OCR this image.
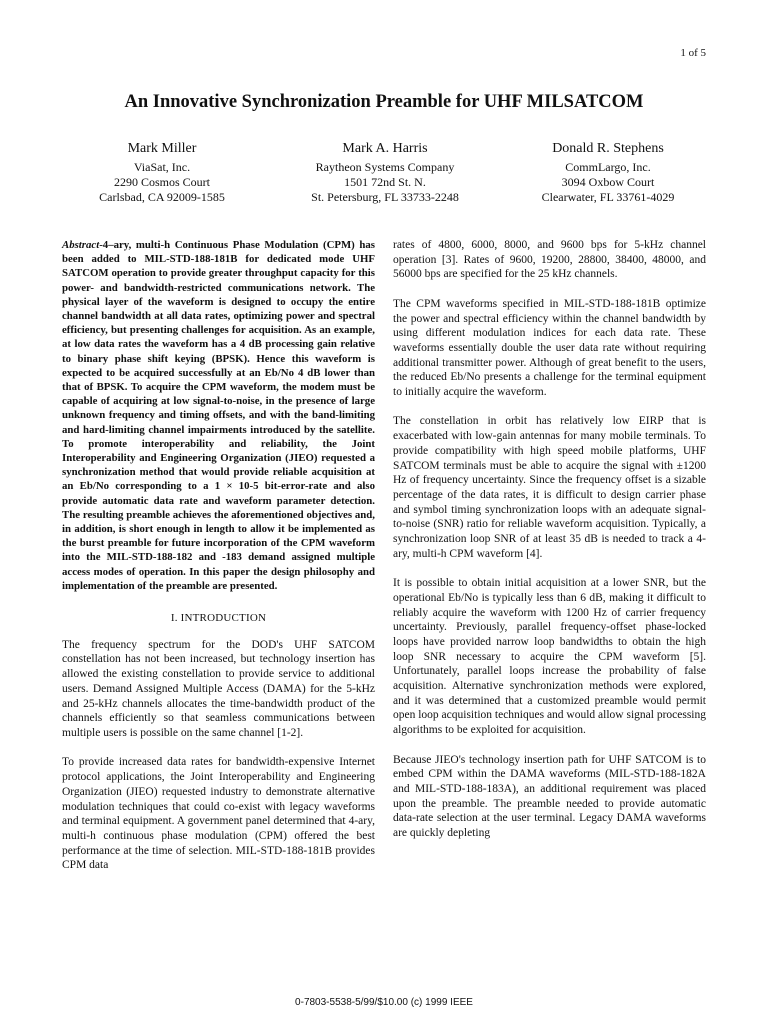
1 of 5
An Innovative Synchronization Preamble for UHF MILSATCOM
Mark Miller
ViaSat, Inc.
2290 Cosmos Court
Carlsbad, CA 92009-1585
Mark A. Harris
Raytheon Systems Company
1501 72nd St. N.
St. Petersburg, FL 33733-2248
Donald R. Stephens
CommLargo, Inc.
3094 Oxbow Court
Clearwater, FL 33761-4029

Abstract-4–ary, multi-h Continuous Phase Modulation (CPM) has been added to MIL-STD-188-181B for dedicated mode UHF SATCOM operation to provide greater throughput capacity for this power- and bandwidth-restricted communications network. The physical layer of the waveform is designed to occupy the entire channel bandwidth at all data rates, optimizing power and spectral efficiency, but presenting challenges for acquisition. As an example, at low data rates the waveform has a 4 dB processing gain relative to binary phase shift keying (BPSK). Hence this waveform is expected to be acquired successfully at an Eb/No 4 dB lower than that of BPSK. To acquire the CPM waveform, the modem must be capable of acquiring at low signal-to-noise, in the presence of large unknown frequency and timing offsets, and with the band-limiting and hard-limiting channel impairments introduced by the satellite. To promote interoperability and reliability, the Joint Interoperability and Engineering Organization (JIEO) requested a synchronization method that would provide reliable acquisition at an Eb/No corresponding to a 1 × 10-5 bit-error-rate and also provide automatic data rate and waveform parameter detection. The resulting preamble achieves the aforementioned objectives and, in addition, is short enough in length to allow it be implemented as the burst preamble for future incorporation of the CPM waveform into the MIL-STD-188-182 and -183 demand assigned multiple access modes of operation. In this paper the design philosophy and implementation of the preamble are presented.

I. INTRODUCTION

The frequency spectrum for the DOD's UHF SATCOM constellation has not been increased, but technology insertion has allowed the existing constellation to provide service to additional users. Demand Assigned Multiple Access (DAMA) for the 5-kHz and 25-kHz channels allocates the time-bandwidth product of the channels efficiently so that seamless communications between multiple users is possible on the same channel [1-2].

To provide increased data rates for bandwidth-expensive Internet protocol applications, the Joint Interoperability and Engineering Organization (JIEO) requested industry to demonstrate alternative modulation techniques that could co-exist with legacy waveforms and terminal equipment. A government panel determined that 4-ary, multi-h continuous phase modulation (CPM) offered the best performance at the time of selection. MIL-STD-188-181B provides CPM data

rates of 4800, 6000, 8000, and 9600 bps for 5-kHz channel operation [3]. Rates of 9600, 19200, 28800, 38400, 48000, and 56000 bps are specified for the 25 kHz channels.

The CPM waveforms specified in MIL-STD-188-181B optimize the power and spectral efficiency within the channel bandwidth by using different modulation indices for each data rate. These waveforms essentially double the user data rate without requiring additional transmitter power. Although of great benefit to the users, the reduced Eb/No presents a challenge for the terminal equipment to initially acquire the waveform.

The constellation in orbit has relatively low EIRP that is exacerbated with low-gain antennas for many mobile terminals. To provide compatibility with high speed mobile platforms, UHF SATCOM terminals must be able to acquire the signal with ±1200 Hz of frequency uncertainty. Since the frequency offset is a sizable percentage of the data rates, it is difficult to design carrier phase and symbol timing synchronization loops with an adequate signal-to-noise (SNR) ratio for reliable waveform acquisition. Typically, a synchronization loop SNR of at least 35 dB is needed to track a 4-ary, multi-h CPM waveform [4].

It is possible to obtain initial acquisition at a lower SNR, but the operational Eb/No is typically less than 6 dB, making it difficult to reliably acquire the waveform with 1200 Hz of carrier frequency uncertainty. Previously, parallel frequency-offset phase-locked loops have provided narrow loop bandwidths to obtain the high loop SNR necessary to acquire the CPM waveform [5]. Unfortunately, parallel loops increase the probability of false acquisition. Alternative synchronization methods were explored, and it was determined that a customized preamble would permit open loop acquisition techniques and would allow signal processing algorithms to be exploited for acquisition.

Because JIEO's technology insertion path for UHF SATCOM is to embed CPM within the DAMA waveforms (MIL-STD-188-182A and MIL-STD-188-183A), an additional requirement was placed upon the preamble. The preamble needed to provide automatic data-rate selection at the user terminal. Legacy DAMA waveforms are quickly depleting

0-7803-5538-5/99/$10.00 (c) 1999 IEEE
